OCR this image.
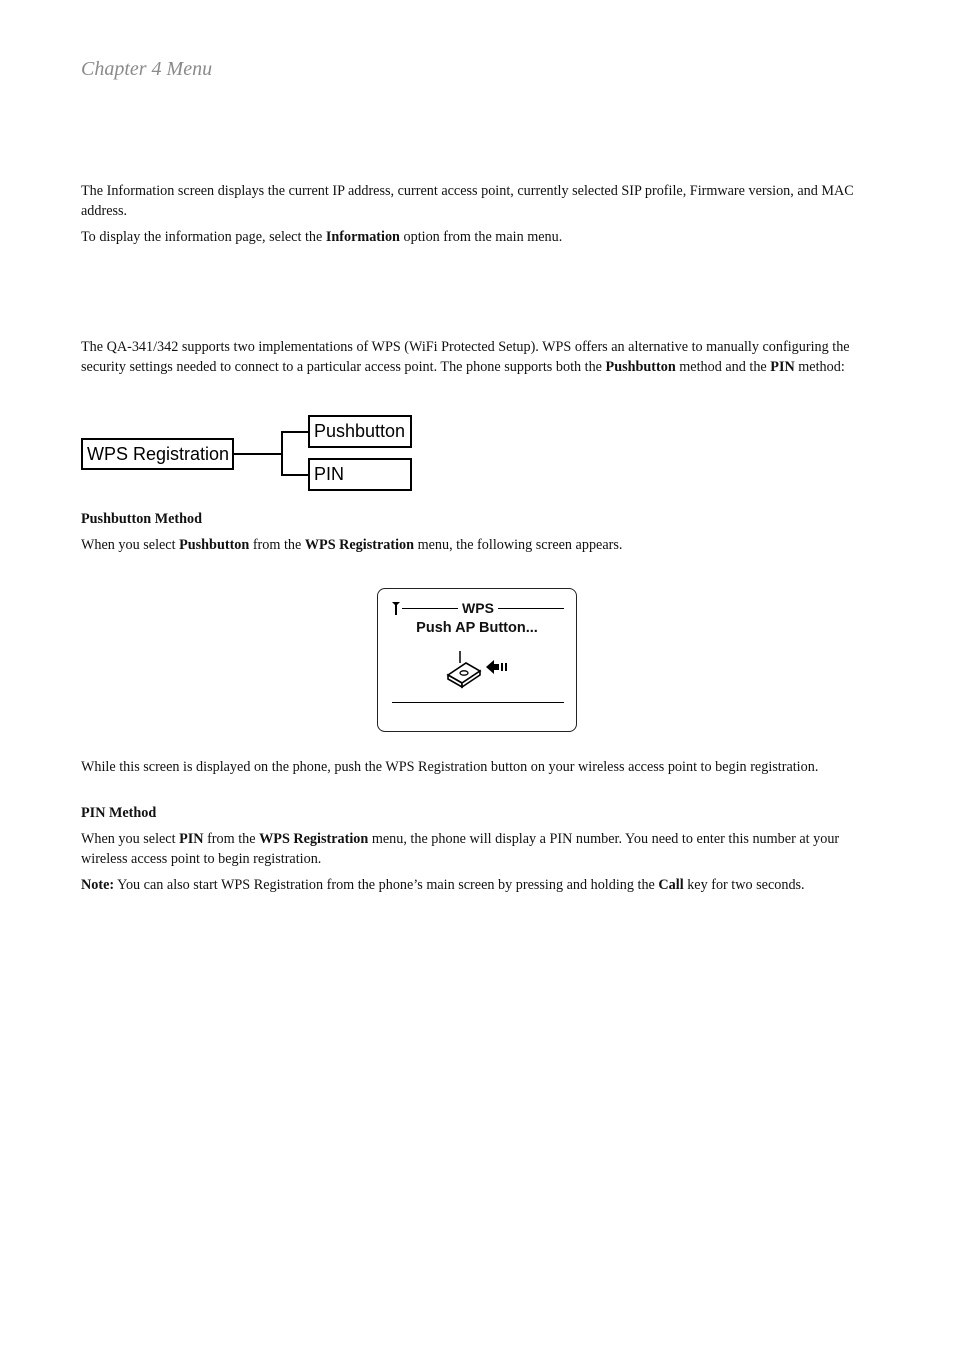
Chapter 4 Menu

The Information screen displays the current IP address, current access point, currently selected SIP profile, Firmware version, and MAC address.

To display the information page, select the Information option from the main menu.

The QA-341/342 supports two implementations of WPS (WiFi Protected Setup). WPS offers an alternative to manually configuring the security settings needed to connect to a particular access point. The phone supports both the Pushbutton method and the PIN method:

WPS Registration
Pushbutton
PIN

Pushbutton Method

When you select Pushbutton from the WPS Registration menu, the following screen appears.

WPS
Push AP Button...

While this screen is displayed on the phone, push the WPS Registration button on your wireless access point to begin registration.

PIN Method

When you select PIN from the WPS Registration menu, the phone will display a PIN number. You need to enter this number at your wireless access point to begin registration.

Note: You can also start WPS Registration from the phone’s main screen by pressing and holding the Call key for two seconds.
